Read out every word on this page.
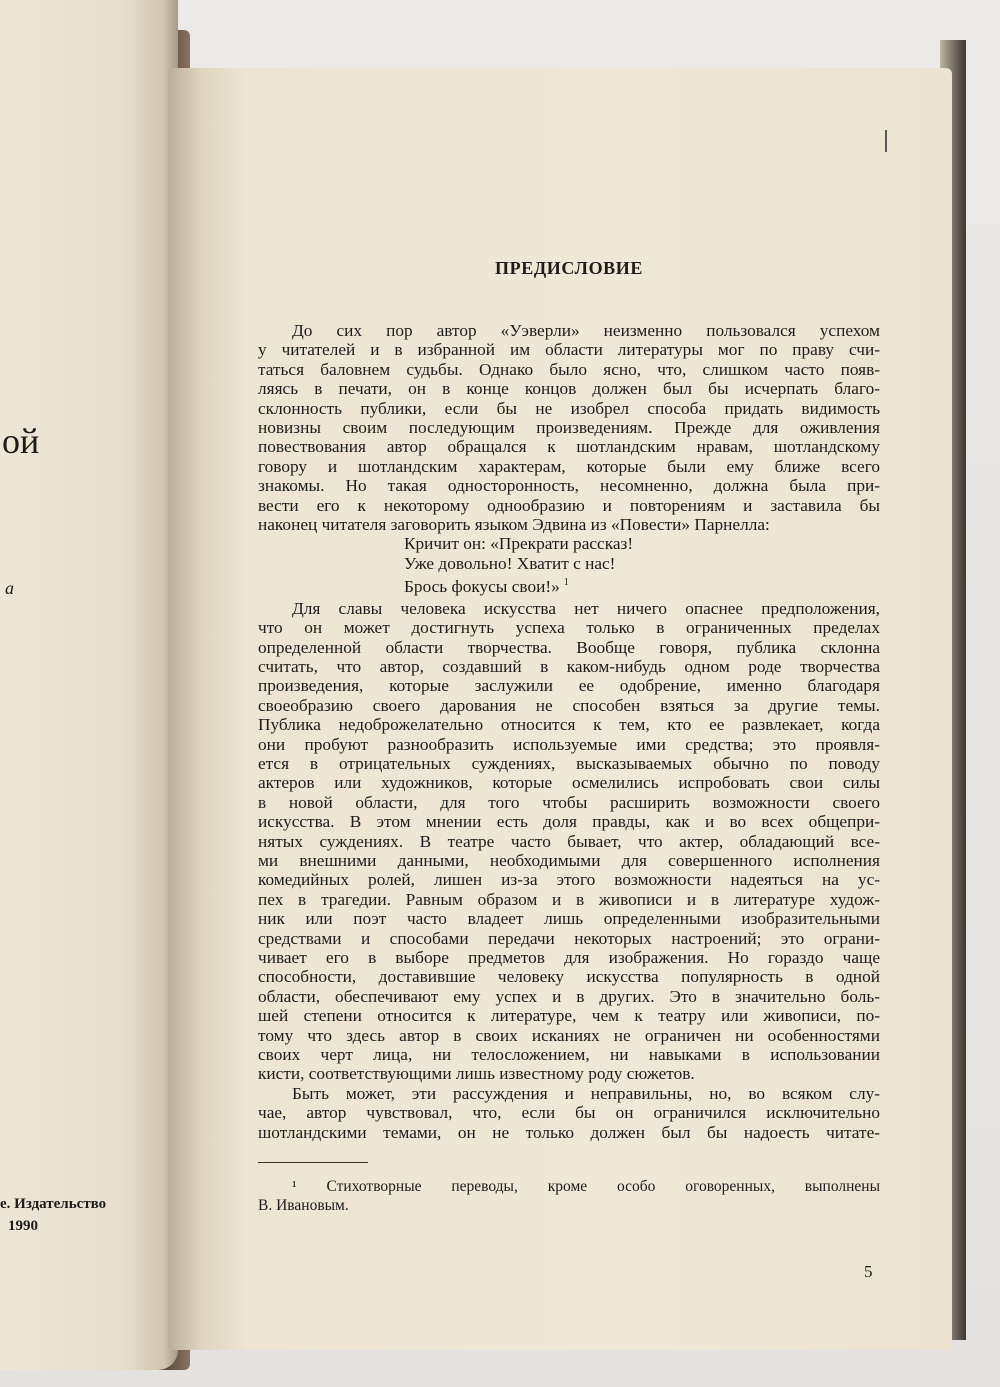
ой
а
е. Издательство
1990
ПРЕДИСЛОВИЕ

До сих пор автор «Уэверли» неизменно пользовался успехом
у читателей и в избранной им области литературы мог по праву счи-
таться баловнем судьбы. Однако было ясно, что, слишком часто появ-
ляясь в печати, он в конце концов должен был бы исчерпать благо-
склонность публики, если бы не изобрел способа придать видимость
новизны своим последующим произведениям. Прежде для оживления
повествования автор обращался к шотландским нравам, шотландскому
говору и шотландским характерам, которые были ему ближе всего
знакомы. Но такая односторонность, несомненно, должна была при-
вести его к некоторому однообразию и повторениям и заставила бы
наконец читателя заговорить языком Эдвина из «Повести» Парнелла:

Кричит он: «Прекрати рассказ!
Уже довольно! Хватит с нас!
Брось фокусы свои!» $^1$

Для славы человека искусства нет ничего опаснее предположения,
что он может достигнуть успеха только в ограниченных пределах
определенной области творчества. Вообще говоря, публика склонна
считать, что автор, создавший в каком-нибудь одном роде творчества
произведения, которые заслужили ее одобрение, именно благодаря
своеобразию своего дарования не способен взяться за другие темы.
Публика недоброжелательно относится к тем, кто ее развлекает, когда
они пробуют разнообразить используемые ими средства; это проявля-
ется в отрицательных суждениях, высказываемых обычно по поводу
актеров или художников, которые осмелились испробовать свои силы
в новой области, для того чтобы расширить возможности своего
искусства. В этом мнении есть доля правды, как и во всех общепри-
нятых суждениях. В театре часто бывает, что актер, обладающий все-
ми внешними данными, необходимыми для совершенного исполнения
комедийных ролей, лишен из-за этого возможности надеяться на ус-
пех в трагедии. Равным образом и в живописи и в литературе худож-
ник или поэт часто владеет лишь определенными изобразительными
средствами и способами передачи некоторых настроений; это ограни-
чивает его в выборе предметов для изображения. Но гораздо чаще
способности, доставившие человеку искусства популярность в одной
области, обеспечивают ему успех и в других. Это в значительно боль-
шей степени относится к литературе, чем к театру или живописи, по-
тому что здесь автор в своих исканиях не ограничен ни особенностями
своих черт лица, ни телосложением, ни навыками в использовании
кисти, соответствующими лишь известному роду сюжетов.

Быть может, эти рассуждения и неправильны, но, во всяком слу-
чае, автор чувствовал, что, если бы он ограничился исключительно
шотландскими темами, он не только должен был бы надоесть читате-

¹ Стихотворные переводы, кроме особо оговоренных, выполнены
В. Ивановым.
5
